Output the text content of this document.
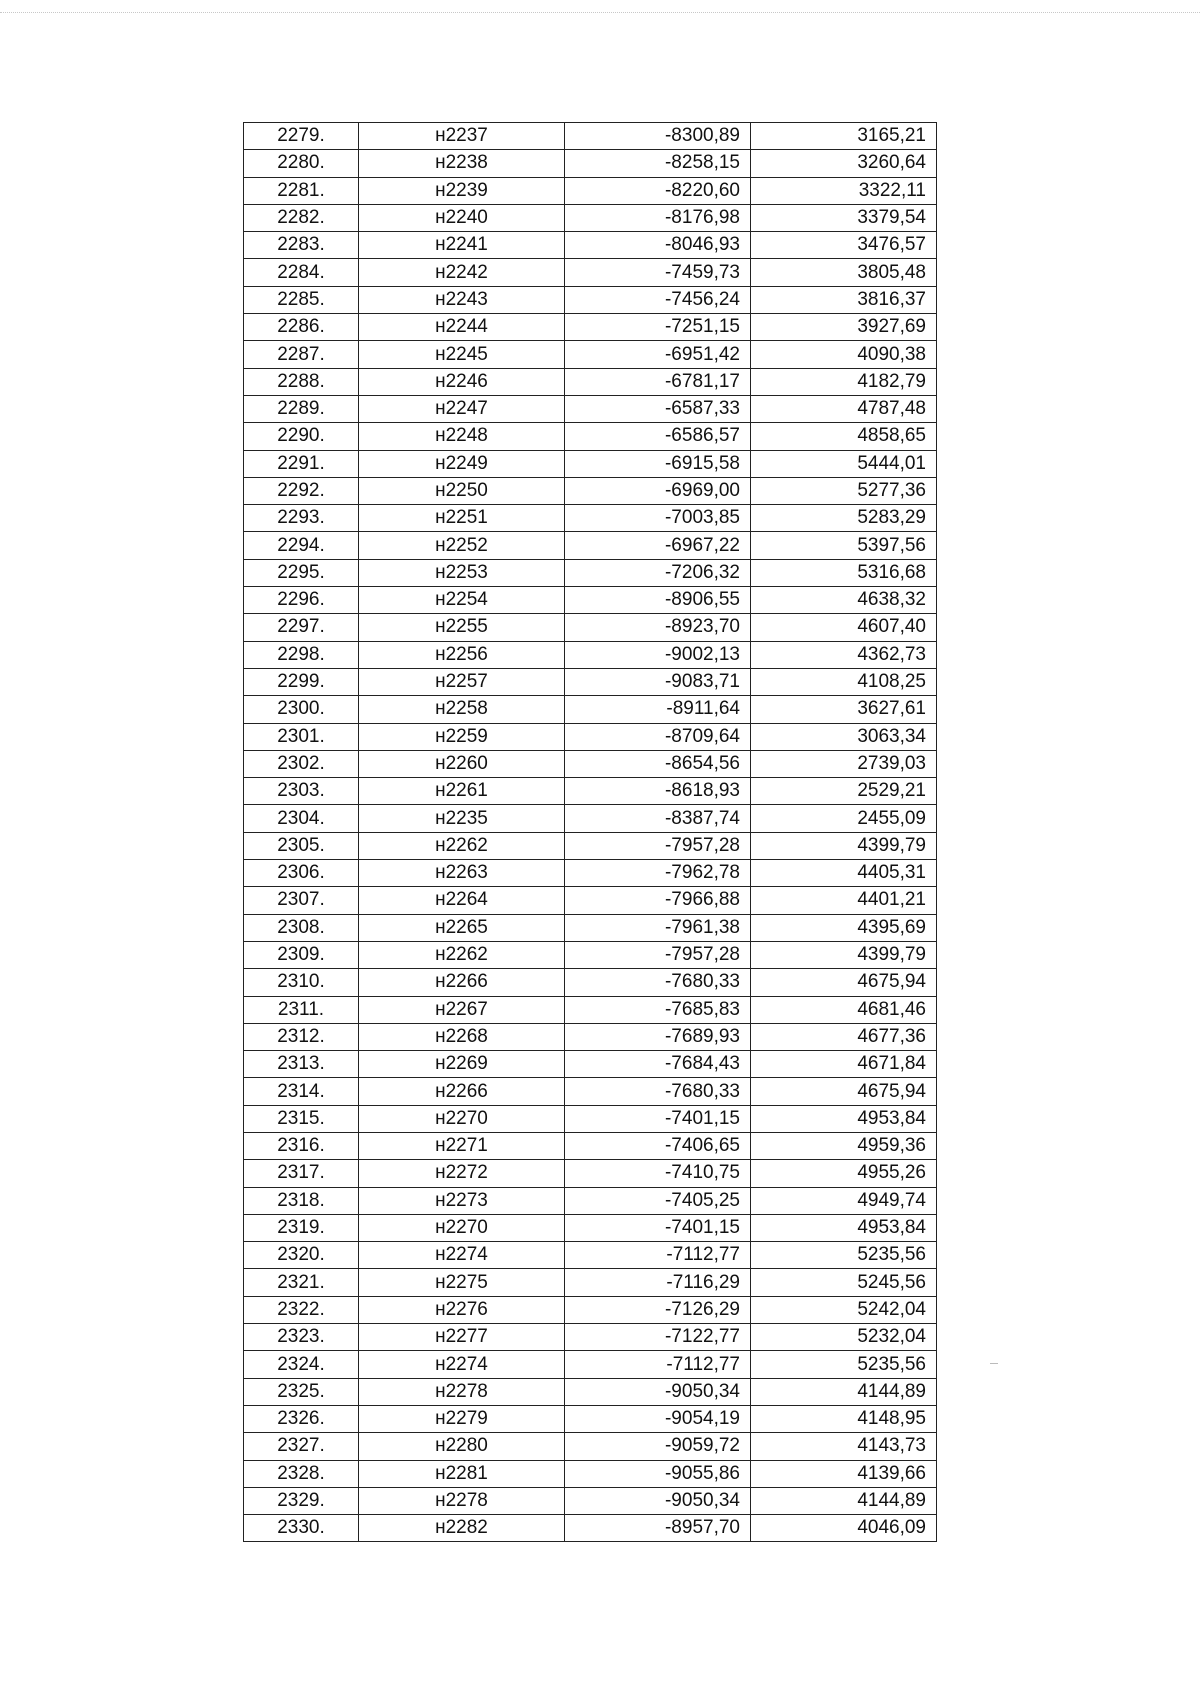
2279.	н2237	-8300,89	3165,21
2280.	н2238	-8258,15	3260,64
2281.	н2239	-8220,60	3322,11
2282.	н2240	-8176,98	3379,54
2283.	н2241	-8046,93	3476,57
2284.	н2242	-7459,73	3805,48
2285.	н2243	-7456,24	3816,37
2286.	н2244	-7251,15	3927,69
2287.	н2245	-6951,42	4090,38
2288.	н2246	-6781,17	4182,79
2289.	н2247	-6587,33	4787,48
2290.	н2248	-6586,57	4858,65
2291.	н2249	-6915,58	5444,01
2292.	н2250	-6969,00	5277,36
2293.	н2251	-7003,85	5283,29
2294.	н2252	-6967,22	5397,56
2295.	н2253	-7206,32	5316,68
2296.	н2254	-8906,55	4638,32
2297.	н2255	-8923,70	4607,40
2298.	н2256	-9002,13	4362,73
2299.	н2257	-9083,71	4108,25
2300.	н2258	-8911,64	3627,61
2301.	н2259	-8709,64	3063,34
2302.	н2260	-8654,56	2739,03
2303.	н2261	-8618,93	2529,21
2304.	н2235	-8387,74	2455,09
2305.	н2262	-7957,28	4399,79
2306.	н2263	-7962,78	4405,31
2307.	н2264	-7966,88	4401,21
2308.	н2265	-7961,38	4395,69
2309.	н2262	-7957,28	4399,79
2310.	н2266	-7680,33	4675,94
2311.	н2267	-7685,83	4681,46
2312.	н2268	-7689,93	4677,36
2313.	н2269	-7684,43	4671,84
2314.	н2266	-7680,33	4675,94
2315.	н2270	-7401,15	4953,84
2316.	н2271	-7406,65	4959,36
2317.	н2272	-7410,75	4955,26
2318.	н2273	-7405,25	4949,74
2319.	н2270	-7401,15	4953,84
2320.	н2274	-7112,77	5235,56
2321.	н2275	-7116,29	5245,56
2322.	н2276	-7126,29	5242,04
2323.	н2277	-7122,77	5232,04
2324.	н2274	-7112,77	5235,56
2325.	н2278	-9050,34	4144,89
2326.	н2279	-9054,19	4148,95
2327.	н2280	-9059,72	4143,73
2328.	н2281	-9055,86	4139,66
2329.	н2278	-9050,34	4144,89
2330.	н2282	-8957,70	4046,09
